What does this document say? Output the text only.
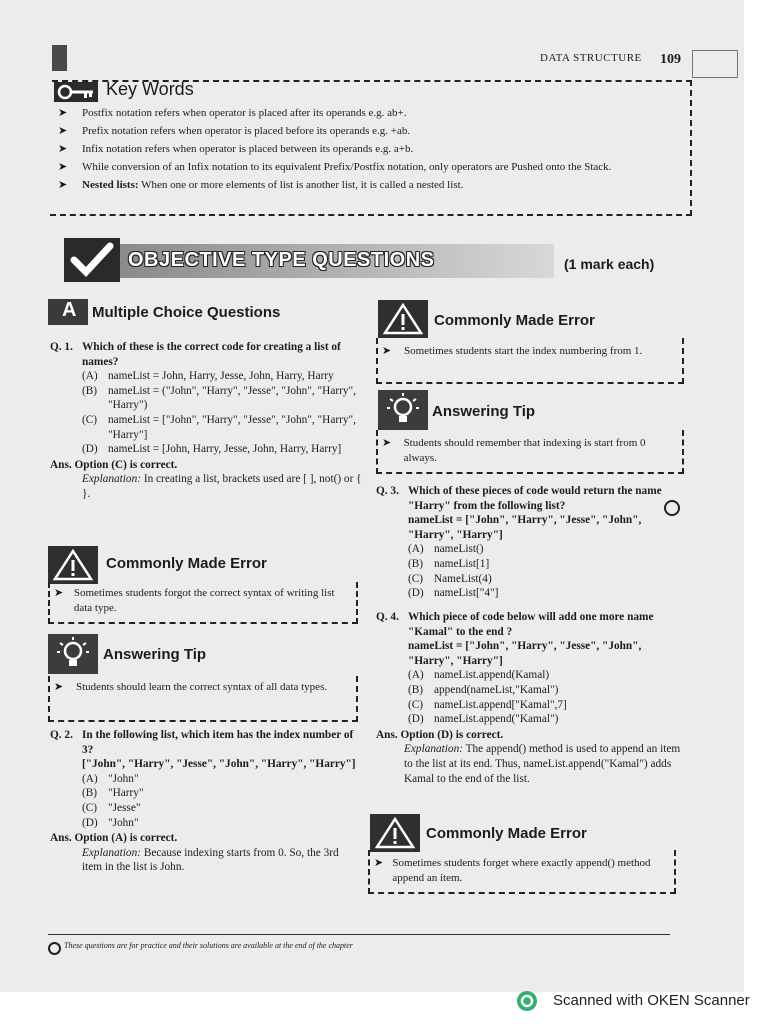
DATA STRUCTURE 109
Key Words
➤	Postfix notation refers when operator is placed after its operands e.g. ab+.
➤	Prefix notation refers when operator is placed before its operands e.g. +ab.
➤	Infix notation refers when operator is placed between its operands e.g. a+b.
➤	While conversion of an Infix notation to its equivalent Prefix/Postfix notation, only operators are Pushed onto the Stack.
➤	Nested lists: When one or more elements of list is another list, it is called a nested list.
OBJECTIVE TYPE QUESTIONS	(1 mark each)
A Multiple Choice Questions
Q. 1. Which of these is the correct code for creating a list of names?
(A) nameList = John, Harry, Jesse, John, Harry, Harry
(B) nameList = ("John", "Harry", "Jesse", "John", "Harry", "Harry")
(C) nameList = ["John", "Harry", "Jesse", "John", "Harry", "Harry"]
(D) nameList = [John, Harry, Jesse, John, Harry, Harry]
Ans. Option (C) is correct.
Explanation: In creating a list, brackets used are [ ], not() or { }.
Commonly Made Error
➤ Sometimes students forgot the correct syntax of writing list data type.
Answering Tip
➤	Students should learn the correct syntax of all data types.
Q. 2. In the following list, which item has the index number of 3?
["John", "Harry", "Jesse", "John", "Harry", "Harry"]
(A) "John"
(B) "Harry"
(C) "Jesse"
(D) "John"
Ans. Option (A) is correct.
Explanation: Because indexing starts from 0. So, the 3rd item in the list is John.
Commonly Made Error
➤	Sometimes students start the index numbering from 1.
Answering Tip
➤	Students should remember that indexing is start from 0 always.
Q. 3. Which of these pieces of code would return the name "Harry" from the following list?
nameList = ["John", "Harry", "Jesse", "John", "Harry", "Harry"]
(A) nameList()
(B) nameList[1]
(C) NameList(4)
(D) nameList["4"]
Q. 4. Which piece of code below will add one more name "Kamal" to the end ?
nameList = ["John", "Harry", "Jesse", "John", "Harry", "Harry"]
(A) nameList.append(Kamal)
(B) append(nameList,"Kamal")
(C) nameList.append["Kamal",7]
(D) nameList.append("Kamal")
Ans. Option (D) is correct.
Explanation: The append() method is used to append an item to the list at its end. Thus, nameList.append("Kamal") adds Kamal to the end of the list.
Commonly Made Error
➤ Sometimes students forget where exactly append() method append an item.
These questions are for practice and their solutions are available at the end of the chapter
Scanned with OKEN Scanner
